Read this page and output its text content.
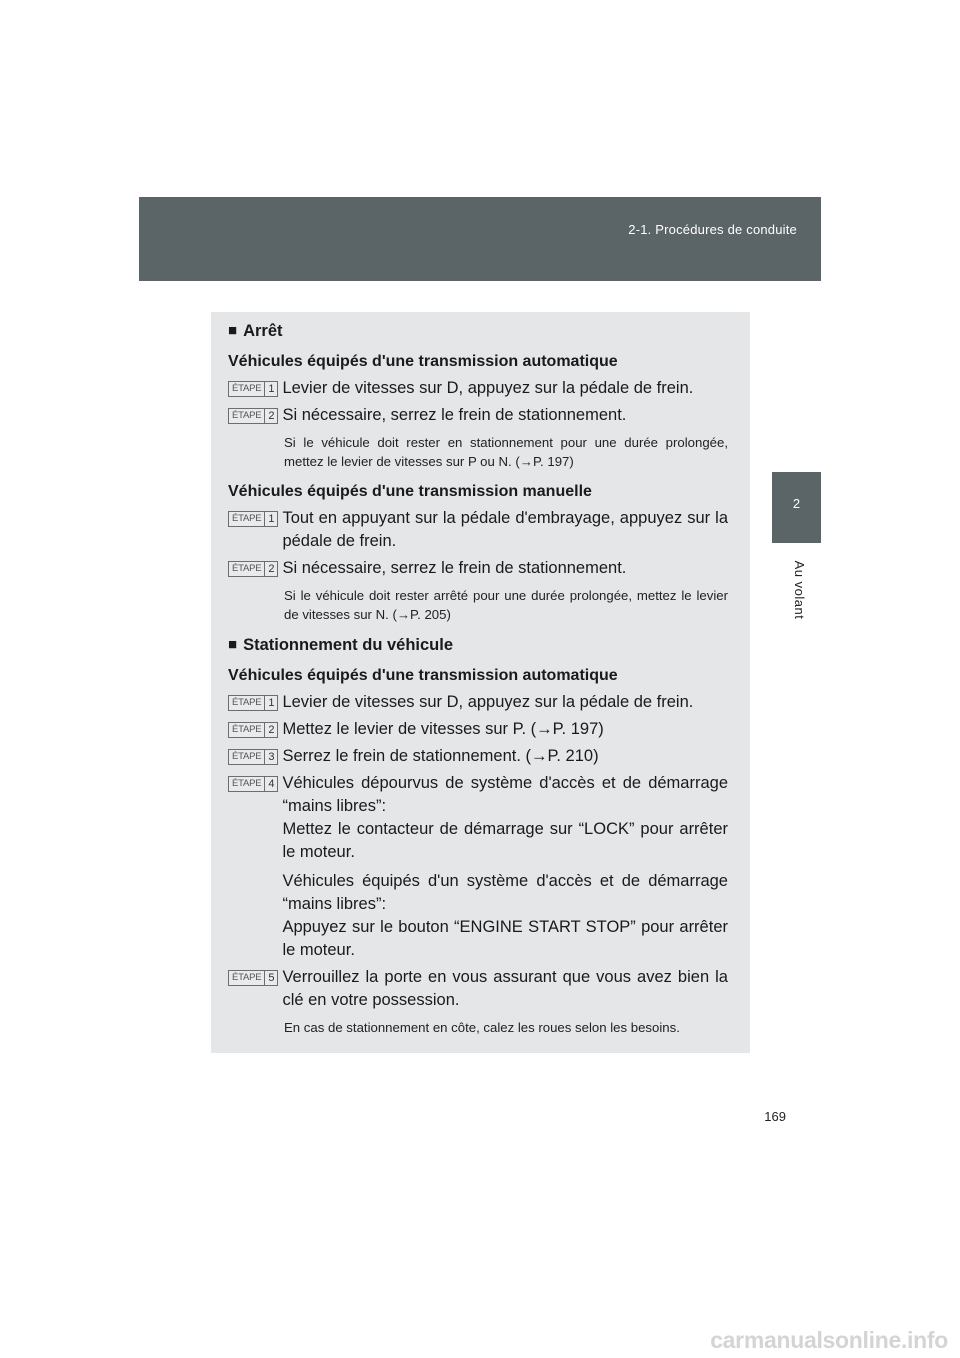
2-1. Procédures de conduite
2
Au volant
■ Arrêt
Véhicules équipés d'une transmission automatique
ÉTAPE 1 Levier de vitesses sur D, appuyez sur la pédale de frein.
ÉTAPE 2 Si nécessaire, serrez le frein de stationnement.
Si le véhicule doit rester en stationnement pour une durée prolongée, mettez le levier de vitesses sur P ou N. (→P. 197)
Véhicules équipés d'une transmission manuelle
ÉTAPE 1 Tout en appuyant sur la pédale d'embrayage, appuyez sur la pédale de frein.
ÉTAPE 2 Si nécessaire, serrez le frein de stationnement.
Si le véhicule doit rester arrêté pour une durée prolongée, mettez le levier de vitesses sur N. (→P. 205)
■ Stationnement du véhicule
Véhicules équipés d'une transmission automatique
ÉTAPE 1 Levier de vitesses sur D, appuyez sur la pédale de frein.
ÉTAPE 2 Mettez le levier de vitesses sur P. (→P. 197)
ÉTAPE 3 Serrez le frein de stationnement. (→P. 210)
ÉTAPE 4 Véhicules dépourvus de système d'accès et de démarrage “mains libres”:
Mettez le contacteur de démarrage sur “LOCK” pour arrêter le moteur.
Véhicules équipés d'un système d'accès et de démarrage “mains libres”:
Appuyez sur le bouton “ENGINE START STOP” pour arrêter le moteur.
ÉTAPE 5 Verrouillez la porte en vous assurant que vous avez bien la clé en votre possession.
En cas de stationnement en côte, calez les roues selon les besoins.
169
carmanualsonline.info
